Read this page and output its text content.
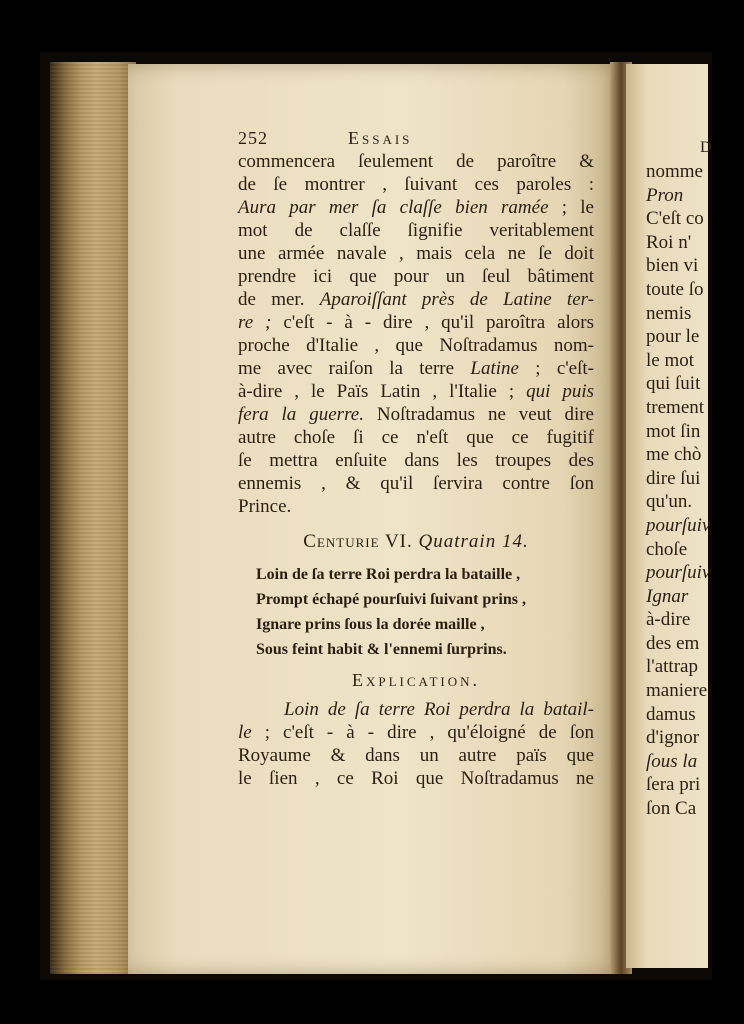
252	Essais
commencera ſeulement de paroître &
de ſe montrer , ſuivant ces paroles :
Aura par mer ſa claſſe bien ramée ; le
mot de claſſe ſignifie veritablement
une armée navale , mais cela ne ſe doit
prendre ici que pour un ſeul bâtiment
de mer. Aparoiſſant près de Latine ter-
re ; c'eſt - à - dire , qu'il paroîtra alors
proche d'Italie , que Noſtradamus nom-
me avec raiſon la terre Latine ; c'eſt-
à-dire , le Païs Latin , l'Italie ; qui puis
fera la guerre. Noſtradamus ne veut dire
autre choſe ſi ce n'eſt que ce fugitif
ſe mettra enſuite dans les troupes des
ennemis , & qu'il ſervira contre ſon
Prince.
Centurie VI. Quatrain 14.
Loin de ſa terre Roi perdra la bataille ,
Prompt échapé pourſuivi ſuivant prins ,
Ignare prins ſous la dorée maille ,
Sous feint habit & l'ennemi ſurprins.
Explication.
Loin de ſa terre Roi perdra la batail-
le ; c'eſt - à - dire , qu'éloigné de ſon
Royaume & dans un autre païs que
le ſien , ce Roi que Noſtradamus ne
D
nomme
Pron
C'eſt co
Roi n'
bien vi
toute ſo
nemis
pour le
le mot
qui ſuit
trement
mot ſin
me chò
dire ſui
qu'un.
pourſuiv
choſe
pourſuiv
Ignar
à-dire
des em
l'attrap
maniere
damus
d'ignor
ſous la
ſera pri
ſon Ca
